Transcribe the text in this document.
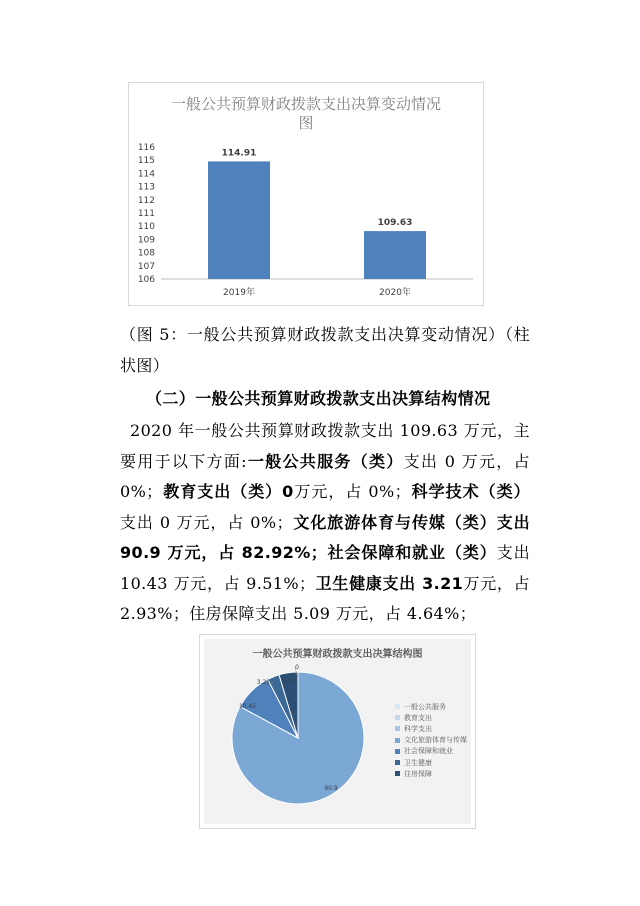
一般公共预算财政拨款支出决算变动情况图
106
107
108
109
110
111
112
113
114
115
116
114.91
2019年
109.63
2020年
（图 5：一般公共预算财政拨款支出决算变动情况）（柱状图）
（二）一般公共预算财政拨款支出决算结构情况
2020 年一般公共预算财政拨款支出 109.63 万元，主要用于以下方面:一般公共服务（类）支出 0 万元，占 0%；教育支出（类）0万元，占 0%；科学技术（类）支出 0 万元，占 0%；文化旅游体育与传媒（类）支出 90.9 万元，占 82.92%；社会保障和就业（类）支出 10.43 万元，占 9.51%；卫生健康支出 3.21万元，占 2.93%；住房保障支出 5.09 万元，占 4.64%；
一般公共预算财政拨款支出决算结构图
90.9
10.45
3.21 5.09
0
一般公共服务
教育支出
科学支出
文化旅游体育与传媒
社会保障和就业
卫生健康
住房保障
